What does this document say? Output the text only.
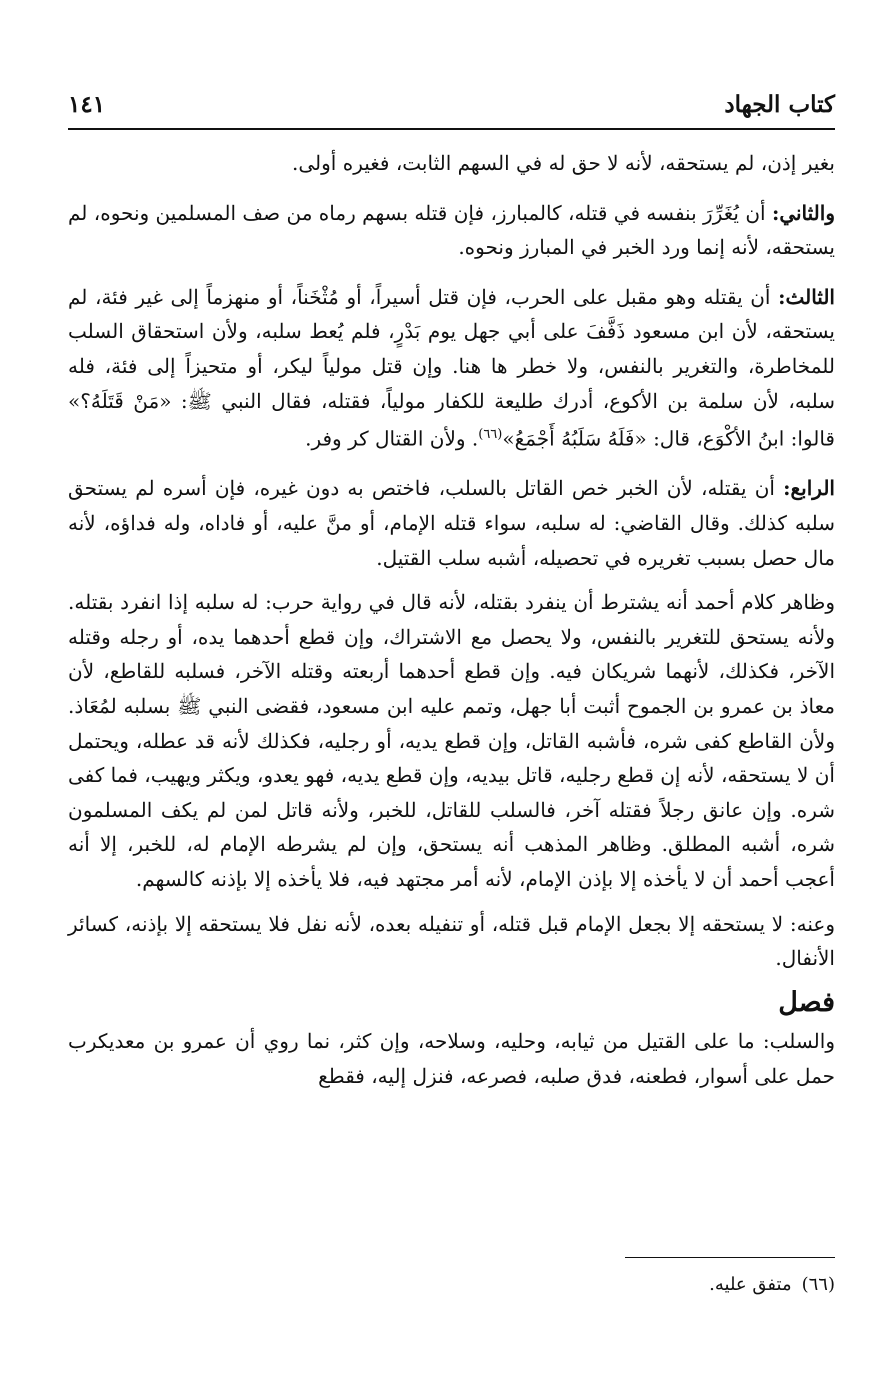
كتاب الجهاد
١٤١

بغير إذن، لم يستحقه، لأنه لا حق له في السهم الثابت، فغيره أولى.

والثاني: أن يُغَرِّرَ بنفسه في قتله، كالمبارز، فإن قتله بسهم رماه من صف المسلمين ونحوه، لم يستحقه، لأنه إنما ورد الخبر في المبارز ونحوه.

الثالث: أن يقتله وهو مقبل على الحرب، فإن قتل أسيراً، أو مُثْخَناً، أو منهزماً إلى غير فئة، لم يستحقه، لأن ابن مسعود ذَفَّفَ على أبي جهل يوم بَدْرٍ، فلم يُعط سلبه، ولأن استحقاق السلب للمخاطرة، والتغرير بالنفس، ولا خطر ها هنا. وإن قتل مولياً ليكر، أو متحيزاً إلى فئة، فله سلبه، لأن سلمة بن الأكوع، أدرك طليعة للكفار مولياً، فقتله، فقال النبي ﷺ: «مَنْ قَتَلَهُ؟» قالوا: ابنُ الأكْوَع، قال: «فَلَهُ سَلَبُهُ أَجْمَعُ»$^{(٦٦)}$. ولأن القتال كر وفر.

الرابع: أن يقتله، لأن الخبر خص القاتل بالسلب، فاختص به دون غيره، فإن أسره لم يستحق سلبه كذلك. وقال القاضي: له سلبه، سواء قتله الإمام، أو منَّ عليه، أو فاداه، وله فداؤه، لأنه مال حصل بسبب تغريره في تحصيله، أشبه سلب القتيل.

وظاهر كلام أحمد أنه يشترط أن ينفرد بقتله، لأنه قال في رواية حرب: له سلبه إذا انفرد بقتله. ولأنه يستحق للتغرير بالنفس، ولا يحصل مع الاشتراك، وإن قطع أحدهما يده، أو رجله وقتله الآخر، فكذلك، لأنهما شريكان فيه. وإن قطع أحدهما أربعته وقتله الآخر، فسلبه للقاطع، لأن معاذ بن عمرو بن الجموح أثبت أبا جهل، وتمم عليه ابن مسعود، فقضى النبي ﷺ بسلبه لمُعَاذ. ولأن القاطع كفى شره، فأشبه القاتل، وإن قطع يديه، أو رجليه، فكذلك لأنه قد عطله، ويحتمل أن لا يستحقه، لأنه إن قطع رجليه، قاتل بيديه، وإن قطع يديه، فهو يعدو، ويكثر ويهيب، فما كفى شره. وإن عانق رجلاً فقتله آخر، فالسلب للقاتل، للخبر، ولأنه قاتل لمن لم يكف المسلمون شره، أشبه المطلق. وظاهر المذهب أنه يستحق، وإن لم يشرطه الإمام له، للخبر، إلا أنه أعجب أحمد أن لا يأخذه إلا بإذن الإمام، لأنه أمر مجتهد فيه، فلا يأخذه إلا بإذنه كالسهم.

وعنه: لا يستحقه إلا بجعل الإمام قبل قتله، أو تنفيله بعده، لأنه نفل فلا يستحقه إلا بإذنه، كسائر الأنفال.

فصل

والسلب: ما على القتيل من ثيابه، وحليه، وسلاحه، وإن كثر، نما روي أن عمرو بن معديكرب حمل على أسوار، فطعنه، فدق صلبه، فصرعه، فنزل إليه، فقطع

(٦٦)
متفق عليه.
